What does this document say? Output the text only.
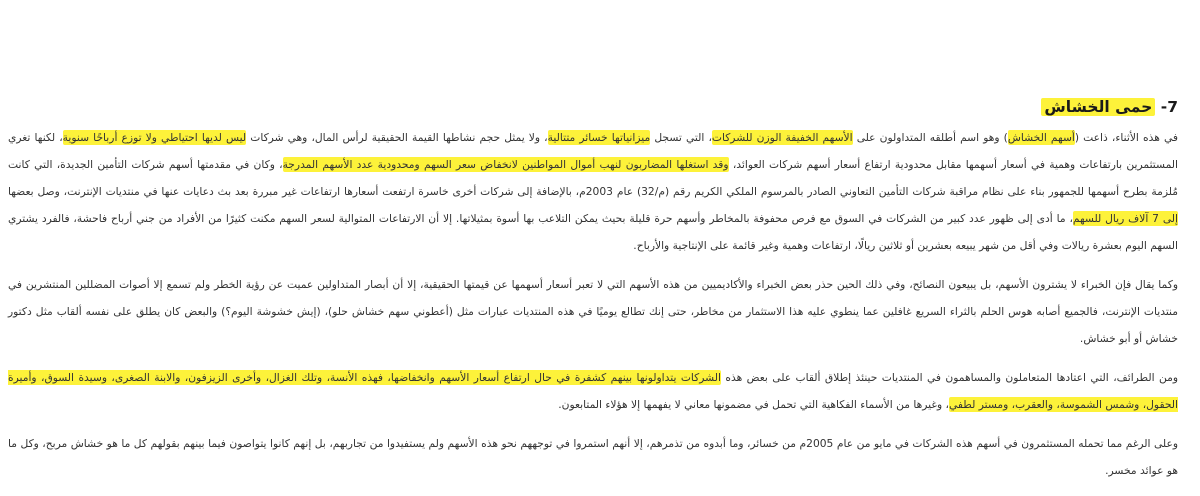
7- حمى الخشاش

في هذه الأثناء، ذاعت (أسهم الخشاش) وهو اسم أطلقه المتداولون على الأسهم الخفيفة الوزن للشركات، التي تسجل ميزانياتها خسائر متتالية، ولا يمثل حجم نشاطها القيمة الحقيقية لرأس المال، وهي شركات ليس لديها احتياطي ولا توزع أرباحًا سنوية، لكنها تغري المستثمرين بارتفاعات وهمية في أسعار أسهمها مقابل محدودية ارتفاع أسعار أسهم شركات العوائد، وقد استغلها المضاربون لنهب أموال المواطنين لانخفاض سعر السهم ومحدودية عدد الأسهم المدرجة، وكان في مقدمتها أسهم شركات التأمين الجديدة، التي كانت مُلزمة بطرح أسهمها للجمهور بناء على نظام مراقبة شركات التأمين التعاوني الصادر بالمرسوم الملكي الكريم رقم (م/32) عام 2003م، بالإضافة إلى شركات أخرى خاسرة ارتفعت أسعارها ارتفاعات غير مبررة بعد بث دعايات عنها في منتديات الإنترنت، وصل بعضها إلى 7 آلاف ريال للسهم، ما أدى إلى ظهور عدد كبير من الشركات في السوق مع فرص محفوفة بالمخاطر وأسهم حرة قليلة بحيث يمكن التلاعب بها أسوة بمثيلاتها. إلا أن الارتفاعات المتوالية لسعر السهم مكنت كثيرًا من الأفراد من جني أرباح فاحشة، فالفرد يشتري السهم اليوم بعشرة ريالات وفي أقل من شهر يبيعه بعشرين أو ثلاثين ريالًا، ارتفاعات وهمية وغير قائمة على الإنتاجية والأرباح.

وكما يقال فإن الخبراء لا يشترون الأسهم، بل يبيعون النصائح، وفي ذلك الحين حذر بعض الخبراء والأكاديميين من هذه الأسهم التي لا تعبر أسعار أسهمها عن قيمتها الحقيقية، إلا أن أبصار المتداولين عميت عن رؤية الخطر ولم تسمع إلا أصوات المضللين المنتشرين في منتديات الإنترنت، فالجميع أصابه هوس الحلم بالثراء السريع غافلين عما ينطوي عليه هذا الاستثمار من مخاطر، حتى إنك تطالع يوميًا في هذه المنتديات عبارات مثل (أعطوني سهم خشاش حلو)، (إيش خشوشة اليوم؟) والبعض كان يطلق على نفسه ألقاب مثل دكتور خشاش أو أبو خشاش.

ومن الطرائف، التي اعتادها المتعاملون والمساهمون في المنتديات حينئذ إطلاق ألقاب على بعض هذه الشركات يتداولونها بينهم كشفرة في حال ارتفاع أسعار الأسهم وانخفاضها، فهذه الأنسة، وتلك الغزال، وأخرى الزيزفون، والابنة الصغرى، وسيدة السوق، وأميرة الحقول، وشمس الشموسة، والعقرب، ومستر لطفي، وغيرها من الأسماء الفكاهية التي تحمل في مضمونها معاني لا يفهمها إلا هؤلاء المتابعون.

وعلى الرغم مما تحمله المستثمرون في أسهم هذه الشركات في مايو من عام 2005م من خسائر، وما أبدوه من تذمرهم، إلا أنهم استمروا في توجههم نحو هذه الأسهم ولم يستفيدوا من تجاربهم، بل إنهم كانوا يتواصون فيما بينهم بقولهم كل ما هو خشاش مربح، وكل ما هو عوائد مخسر.
